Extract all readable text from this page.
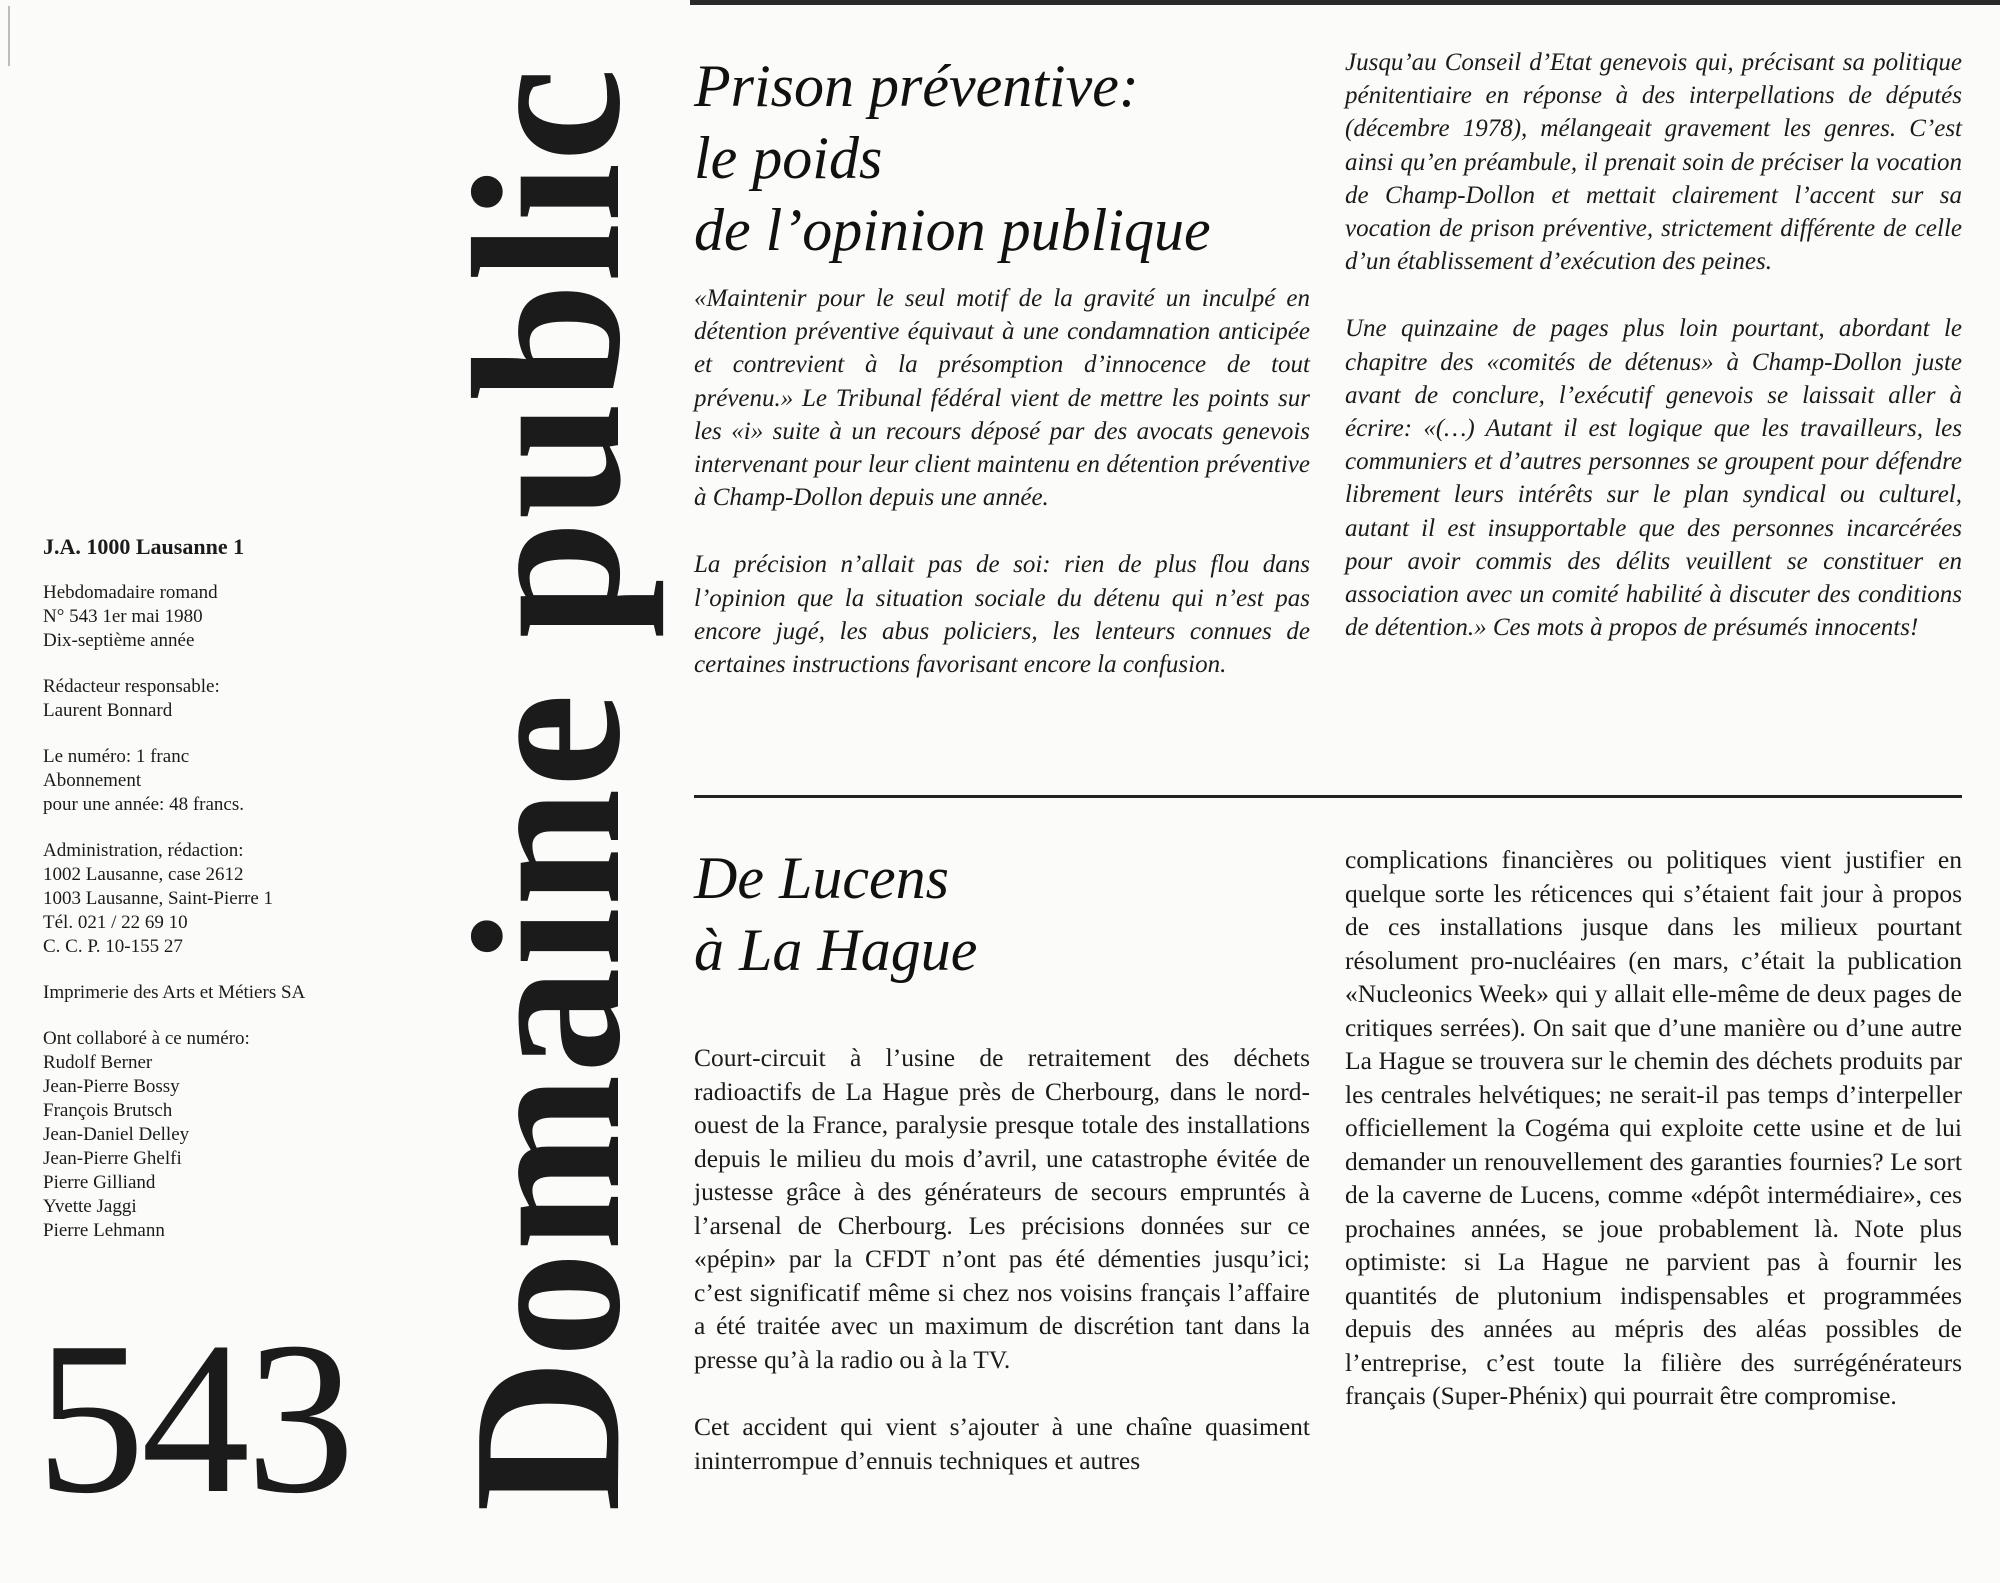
J.A. 1000 Lausanne 1

Hebdomadaire romand
N° 543 1er mai 1980
Dix-septième année

Rédacteur responsable:
Laurent Bonnard

Le numéro: 1 franc
Abonnement
pour une année: 48 francs.

Administration, rédaction:
1002 Lausanne, case 2612
1003 Lausanne, Saint-Pierre 1
Tél. 021 / 22 69 10
C. C. P. 10-155 27

Imprimerie des Arts et Métiers SA

Ont collaboré à ce numéro:
Rudolf Berner
Jean-Pierre Bossy
François Brutsch
Jean-Daniel Delley
Jean-Pierre Ghelfi
Pierre Gilliand
Yvette Jaggi
Pierre Lehmann

543 Domaine public Prison préventive:
le poids
de l’opinion publique

«Maintenir pour le seul motif de la gravité un inculpé en détention préventive équivaut à une condamnation anticipée et contrevient à la présomption d’innocence de tout prévenu.» Le Tribunal fédéral vient de mettre les points sur les «i» suite à un recours déposé par des avocats genevois intervenant pour leur client maintenu en détention préventive à Champ-Dollon depuis une année.

La précision n’allait pas de soi: rien de plus flou dans l’opinion que la situation sociale du détenu qui n’est pas encore jugé, les abus policiers, les lenteurs connues de certaines instructions favorisant encore la confusion.

Jusqu’au Conseil d’Etat genevois qui, précisant sa politique pénitentiaire en réponse à des interpellations de députés (décembre 1978), mélangeait gravement les genres. C’est ainsi qu’en préambule, il prenait soin de préciser la vocation de Champ-Dollon et mettait clairement l’accent sur sa vocation de prison préventive, strictement différente de celle d’un établissement d’exécution des peines.

Une quinzaine de pages plus loin pourtant, abordant le chapitre des «comités de détenus» à Champ-Dollon juste avant de conclure, l’exécutif genevois se laissait aller à écrire: «(…) Autant il est logique que les travailleurs, les communiers et d’autres personnes se groupent pour défendre librement leurs intérêts sur le plan syndical ou culturel, autant il est insupportable que des personnes incarcérées pour avoir commis des délits veuillent se constituer en association avec un comité habilité à discuter des conditions de détention.» Ces mots à propos de présumés innocents!

De Lucens
à La Hague

Court-circuit à l’usine de retraitement des déchets radioactifs de La Hague près de Cherbourg, dans le nord-ouest de la France, paralysie presque totale des installations depuis le milieu du mois d’avril, une catastrophe évitée de justesse grâce à des générateurs de secours empruntés à l’arsenal de Cherbourg. Les précisions données sur ce «pépin» par la CFDT n’ont pas été démenties jusqu’ici; c’est significatif même si chez nos voisins français l’affaire a été traitée avec un maximum de discrétion tant dans la presse qu’à la radio ou à la TV.

Cet accident qui vient s’ajouter à une chaîne quasiment ininterrompue d’ennuis techniques et autres

complications financières ou politiques vient justifier en quelque sorte les réticences qui s’étaient fait jour à propos de ces installations jusque dans les milieux pourtant résolument pro-nucléaires (en mars, c’était la publication «Nucleonics Week» qui y allait elle-même de deux pages de critiques serrées). On sait que d’une manière ou d’une autre La Hague se trouvera sur le chemin des déchets produits par les centrales helvétiques; ne serait-il pas temps d’interpeller officiellement la Cogéma qui exploite cette usine et de lui demander un renouvellement des garanties fournies? Le sort de la caverne de Lucens, comme «dépôt intermédiaire», ces prochaines années, se joue probablement là. Note plus optimiste: si La Hague ne parvient pas à fournir les quantités de plutonium indispensables et programmées depuis des années au mépris des aléas possibles de l’entreprise, c’est toute la filière des surrégénérateurs français (Super-Phénix) qui pourrait être compromise.
